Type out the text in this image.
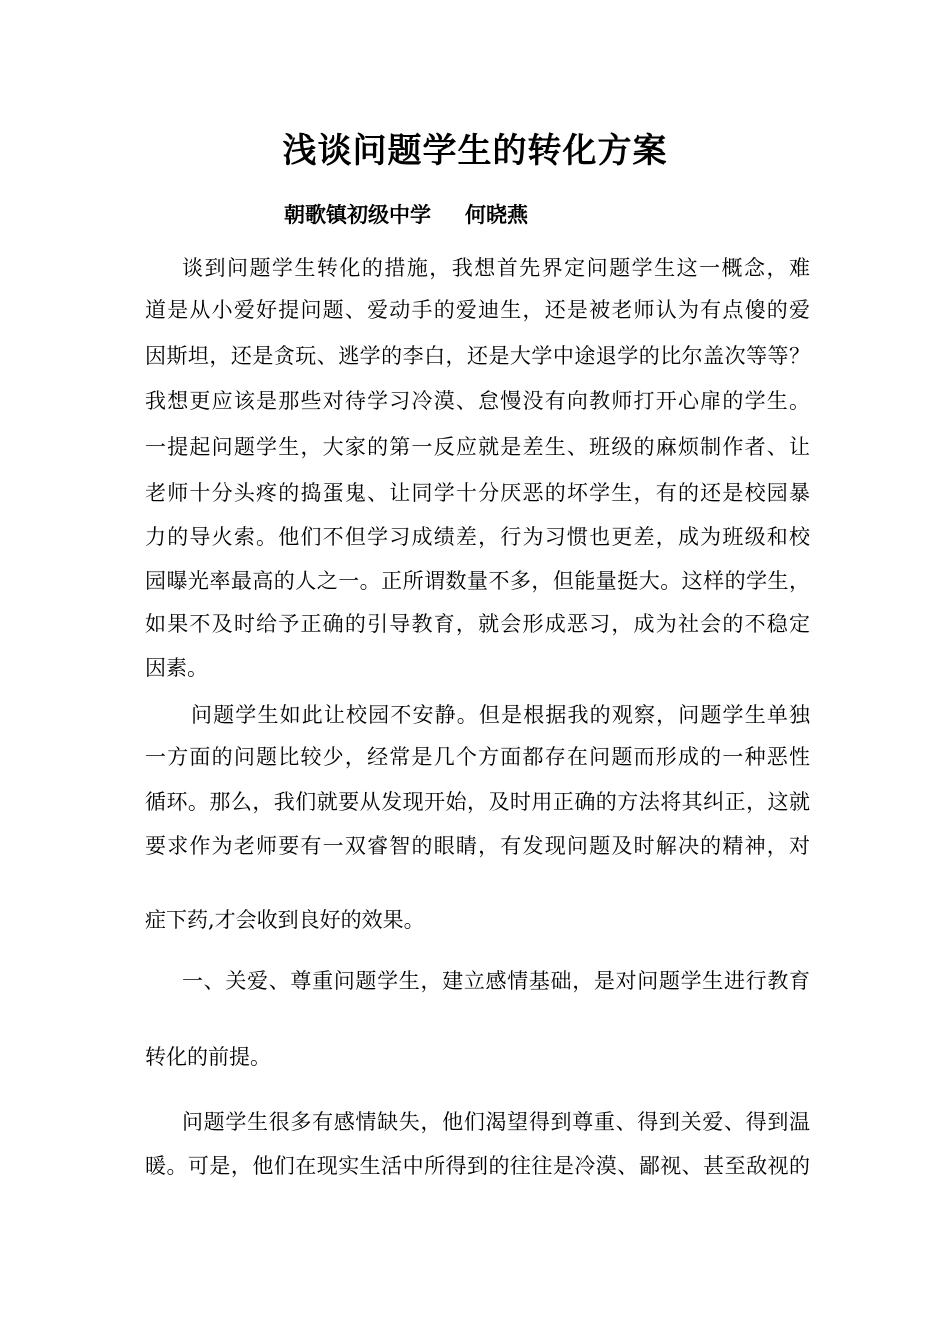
浅谈问题学生的转化方案
朝歌镇初级中学 何晓燕
谈到问题学生转化的措施，我想首先界定问题学生这一概念，难
道是从小爱好提问题、爱动手的爱迪生，还是被老师认为有点傻的爱
因斯坦，还是贪玩、逃学的李白，还是大学中途退学的比尔盖次等等？
我想更应该是那些对待学习冷漠、怠慢没有向教师打开心扉的学生。
一提起问题学生，大家的第一反应就是差生、班级的麻烦制作者、让
老师十分头疼的捣蛋鬼、让同学十分厌恶的坏学生，有的还是校园暴
力的导火索。他们不但学习成绩差，行为习惯也更差，成为班级和校
园曝光率最高的人之一。正所谓数量不多，但能量挺大。这样的学生，
如果不及时给予正确的引导教育，就会形成恶习，成为社会的不稳定
因素。
问题学生如此让校园不安静。但是根据我的观察，问题学生单独
一方面的问题比较少，经常是几个方面都存在问题而形成的一种恶性
循环。那么，我们就要从发现开始，及时用正确的方法将其纠正，这就
要求作为老师要有一双睿智的眼睛，有发现问题及时解决的精神，对
症下药,才会收到良好的效果。
一、关爱、尊重问题学生，建立感情基础，是对问题学生进行教育
转化的前提。
问题学生很多有感情缺失，他们渴望得到尊重、得到关爱、得到温
暖。可是，他们在现实生活中所得到的往往是冷漠、鄙视、甚至敌视的
